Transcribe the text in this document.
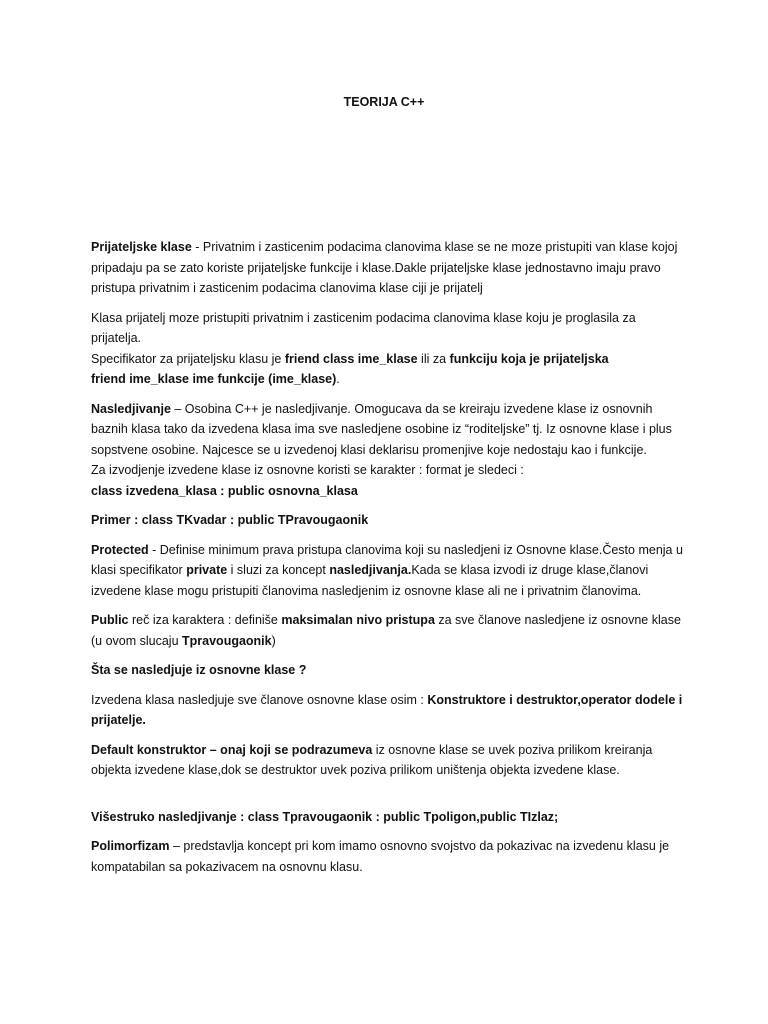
TEORIJA C++

Prijateljske klase - Privatnim i zasticenim podacima clanovima klase se ne moze pristupiti van klase kojoj pripadaju pa se zato koriste prijateljske funkcije i klase.Dakle prijateljske klase jednostavno imaju pravo pristupa privatnim i zasticenim podacima clanovima klase ciji je prijatelj

Klasa prijatelj moze pristupiti privatnim i zasticenim podacima clanovima klase koju je proglasila za prijatelja.
Specifikator za prijateljsku klasu je friend class ime_klase ili za funkciju koja je prijateljska
friend ime_klase ime funkcije (ime_klase).

Nasledjivanje – Osobina C++ je nasledjivanje. Omogucava da se kreiraju izvedene klase iz osnovnih baznih klasa tako da izvedena klasa ima sve nasledjene osobine iz “roditeljske” tj. Iz osnovne klase i plus sopstvene osobine. Najcesce se u izvedenoj klasi deklarisu promenjive koje nedostaju kao i funkcije.
Za izvodjenje izvedene klase iz osnovne koristi se karakter : format je sledeci :
class izvedena_klasa : public osnovna_klasa

Primer : class TKvadar : public TPravougaonik

Protected - Definise minimum prava pristupa clanovima koji su nasledjeni iz Osnovne klase.Često menja u klasi specifikator private i sluzi za koncept nasledjivanja.Kada se klasa izvodi iz druge klase,članovi izvedene klase mogu pristupiti članovima nasledjenim iz osnovne klase ali ne i privatnim članovima.

Public reč iza karaktera : definiše maksimalan nivo pristupa za sve članove nasledjene iz osnovne klase (u ovom slucaju Tpravougaonik)

Šta se nasledjuje iz osnovne klase ?

Izvedena klasa nasledjuje sve članove osnovne klase osim : Konstruktore i destruktor,operator dodele i prijatelje.

Default konstruktor – onaj koji se podrazumeva iz osnovne klase se uvek poziva prilikom kreiranja objekta izvedene klase,dok se destruktor uvek poziva prilikom uništenja objekta izvedene klase.

Višestruko nasledjivanje : class Tpravougaonik : public Tpoligon,public TIzlaz;

Polimorfizam – predstavlja koncept pri kom imamo osnovno svojstvo da pokazivac na izvedenu klasu je kompatabilan sa pokazivacem na osnovnu klasu.
